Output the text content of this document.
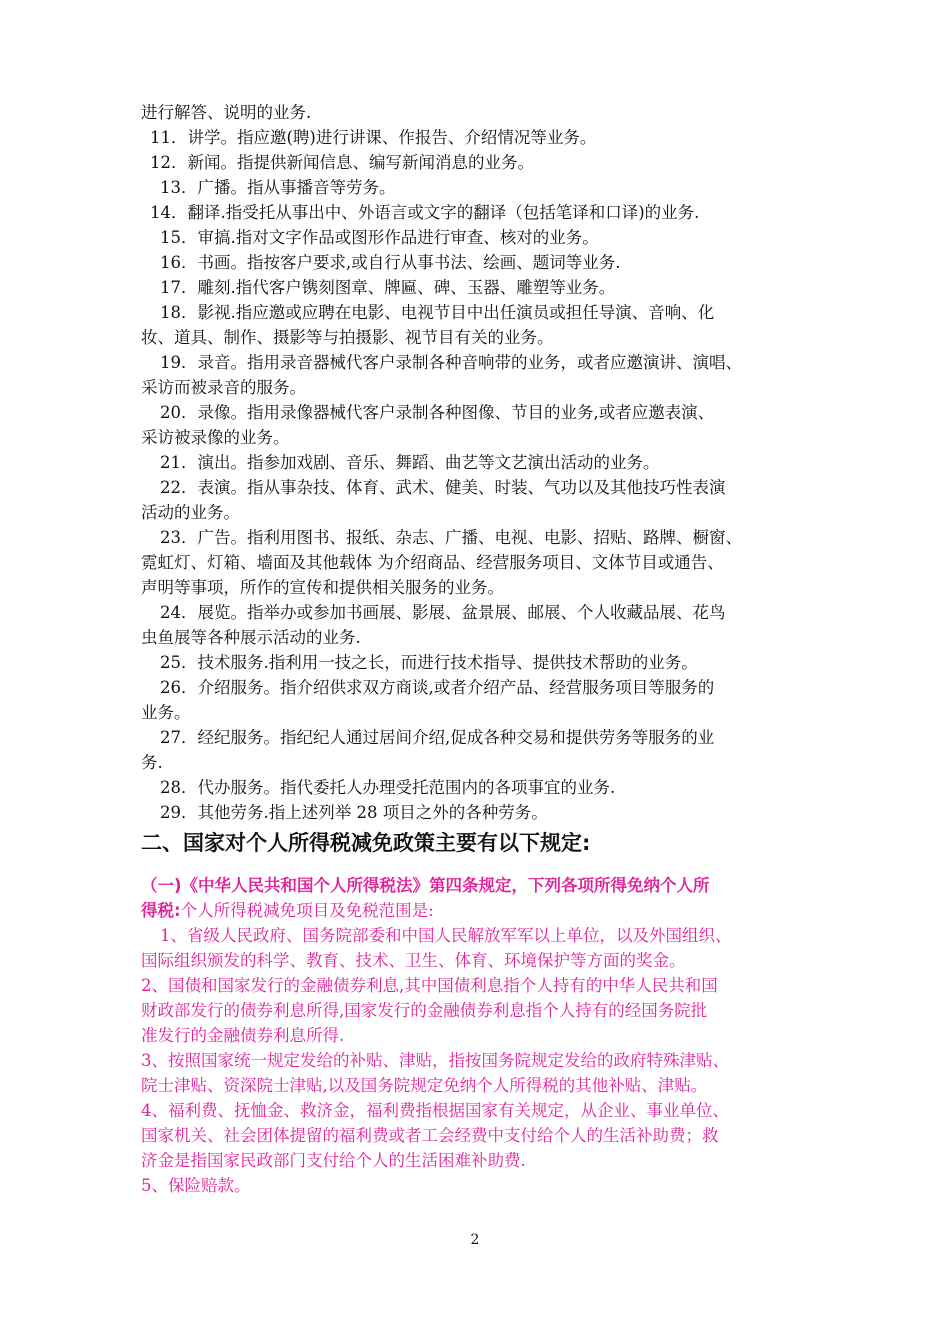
进行解答、说明的业务.
11．讲学。指应邀(聘)进行讲课、作报告、介绍情况等业务。
12．新闻。指提供新闻信息、编写新闻消息的业务。
13．广播。指从事播音等劳务。
14．翻译.指受托从事出中、外语言或文字的翻译（包括笔译和口译)的业务.
15．审搞.指对文字作品或图形作品进行审查、核对的业务。
16．书画。指按客户要求,或自行从事书法、绘画、题词等业务.
17．雕刻.指代客户镌刻图章、牌匾、碑、玉器、雕塑等业务。
18．影视.指应邀或应聘在电影、电视节目中出任演员或担任导演、音响、化
妆、道具、制作、摄影等与拍摄影、视节目有关的业务。
19．录音。指用录音器械代客户录制各种音响带的业务，或者应邀演讲、演唱、
采访而被录音的服务。
20．录像。指用录像器械代客户录制各种图像、节目的业务,或者应邀表演、
采访被录像的业务。
21．演出。指参加戏剧、音乐、舞蹈、曲艺等文艺演出活动的业务。
22．表演。指从事杂技、体育、武术、健美、时装、气功以及其他技巧性表演
活动的业务。
23．广告。指利用图书、报纸、杂志、广播、电视、电影、招贴、路牌、橱窗、
霓虹灯、灯箱、墙面及其他载体 为介绍商品、经营服务项目、文体节目或通告、
声明等事项，所作的宣传和提供相关服务的业务。
24．展览。指举办或参加书画展、影展、盆景展、邮展、个人收藏品展、花鸟
虫鱼展等各种展示活动的业务.
25．技术服务.指利用一技之长，而进行技术指导、提供技术帮助的业务。
26．介绍服务。指介绍供求双方商谈,或者介绍产品、经营服务项目等服务的
业务。
27．经纪服务。指纪纪人通过居间介绍,促成各种交易和提供劳务等服务的业
务.
28．代办服务。指代委托人办理受托范围内的各项事宜的业务.
29．其他劳务.指上述列举 28 项目之外的各种劳务。
二、国家对个人所得税减免政策主要有以下规定:
（一)《中华人民共和国个人所得税法》第四条规定，下列各项所得免纳个人所
得税:个人所得税减免项目及免税范围是:
1、省级人民政府、国务院部委和中国人民解放军军以上单位，以及外国组织、
国际组织颁发的科学、教育、技术、卫生、体育、环境保护等方面的奖金。
2、国债和国家发行的金融债券利息,其中国债利息指个人持有的中华人民共和国
财政部发行的债券利息所得,国家发行的金融债券利息指个人持有的经国务院批
准发行的金融债券利息所得.
3、按照国家统一规定发给的补贴、津贴，指按国务院规定发给的政府特殊津贴、
院士津贴、资深院士津贴,以及国务院规定免纳个人所得税的其他补贴、津贴。
4、福利费、抚恤金、救济金，福利费指根据国家有关规定，从企业、事业单位、
国家机关、社会团体提留的福利费或者工会经费中支付给个人的生活补助费；救
济金是指国家民政部门支付给个人的生活困难补助费.
5、保险赔款。
2
